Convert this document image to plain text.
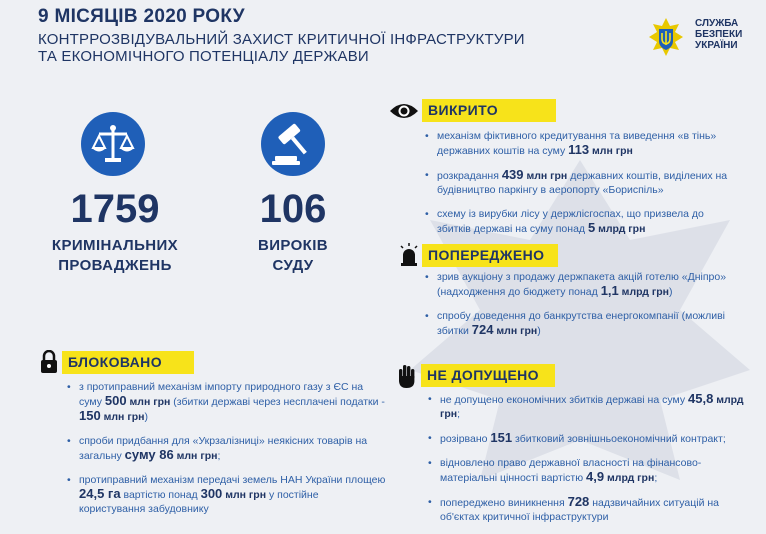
9 МІСЯЦІВ 2020 РОКУ
КОНТРРОЗВІДУВАЛЬНИЙ ЗАХИСТ КРИТИЧНОЇ ІНФРАСТРУКТУРИ
ТА ЕКОНОМІЧНОГО ПОТЕНЦІАЛУ ДЕРЖАВИ
СЛУЖБА
БЕЗПЕКИ
УКРАЇНИ
1759	106
КРИМІНАЛЬНИХ
ПРОВАДЖЕНЬ
ВИРОКІВ
СУДУ
ВИКРИТО
• механізм фіктивного кредитування та виведення «в тінь» державних коштів на суму 113 млн грн
• розкрадання 439 млн грн державних коштів, виділених на будівництво паркінгу в аеропорту «Бориспіль»
• схему із вирубки лісу у держлісгоспах, що призвела до збитків державі на суму понад 5 млрд грн
ПОПЕРЕДЖЕНО
• зрив аукціону з продажу держпакета акцій готелю «Дніпро» (надходження до бюджету понад 1,1 млрд грн)
• спробу доведення до банкрутства енергокомпанії (можливі збитки 724 млн грн)
БЛОКОВАНО
• з протиправний механізм імпорту природного газу з ЄС на суму 500 млн грн (збитки державі через несплачені податки - 150 млн грн)
• спроби придбання для «Укрзалізниці» неякісних товарів на загальну суму 86 млн грн;
• протиправний механізм передачі земель НАН України площею 24,5 га вартістю понад 300 млн грн у постійне користування забудовнику
НЕ ДОПУЩЕНО
• не допущено економічних збитків державі на суму 45,8 млрд грн;
• розірвано 151 збитковий зовнішньоекономічний контракт;
• відновлено право державної власності на фінансово-матеріальні цінності вартістю 4,9 млрд грн;
• попереджено виникнення 728 надзвичайних ситуацій на об'єктах критичної інфраструктури
